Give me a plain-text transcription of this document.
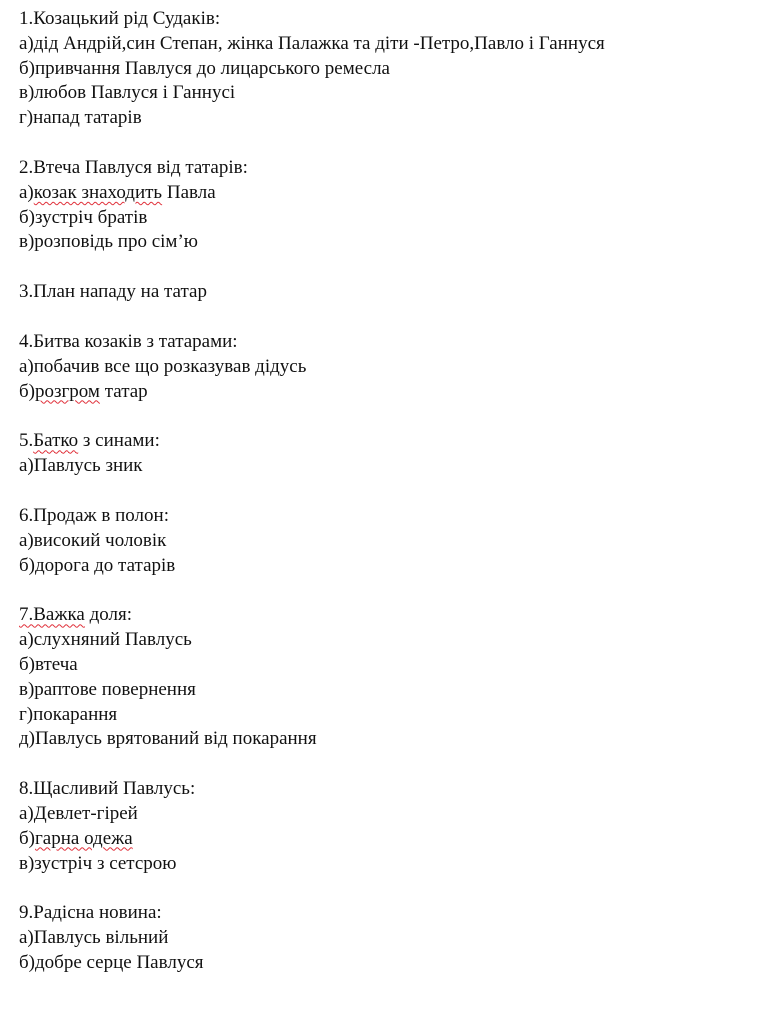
1.Козацький рід Судаків:
а)дід Андрій,син Степан, жінка Палажка та діти -Петро,Павло і Ганнуся
б)привчання Павлуся до лицарського ремесла
в)любов Павлуся і Ганнусі
г)напад татарів
2.Втеча Павлуся від татарів:
а)козак знаходить Павла
б)зустріч братів
в)розповідь про сім’ю
3.План нападу на татар
4.Битва козаків з татарами:
а)побачив все що розказував дідусь
б)розгром татар
5.Батко з синами:
а)Павлусь зник
6.Продаж в полон:
а)високий чоловік
б)дорога до татарів
7.Важка доля:
а)слухняний Павлусь
б)втеча
в)раптове повернення
г)покарання
д)Павлусь врятований від покарання
8.Щасливий Павлусь:
а)Девлет-гірей
б)гарна одежа
в)зустріч з сетсрою
9.Радісна новина:
а)Павлусь вільний
б)добре серце Павлуся
